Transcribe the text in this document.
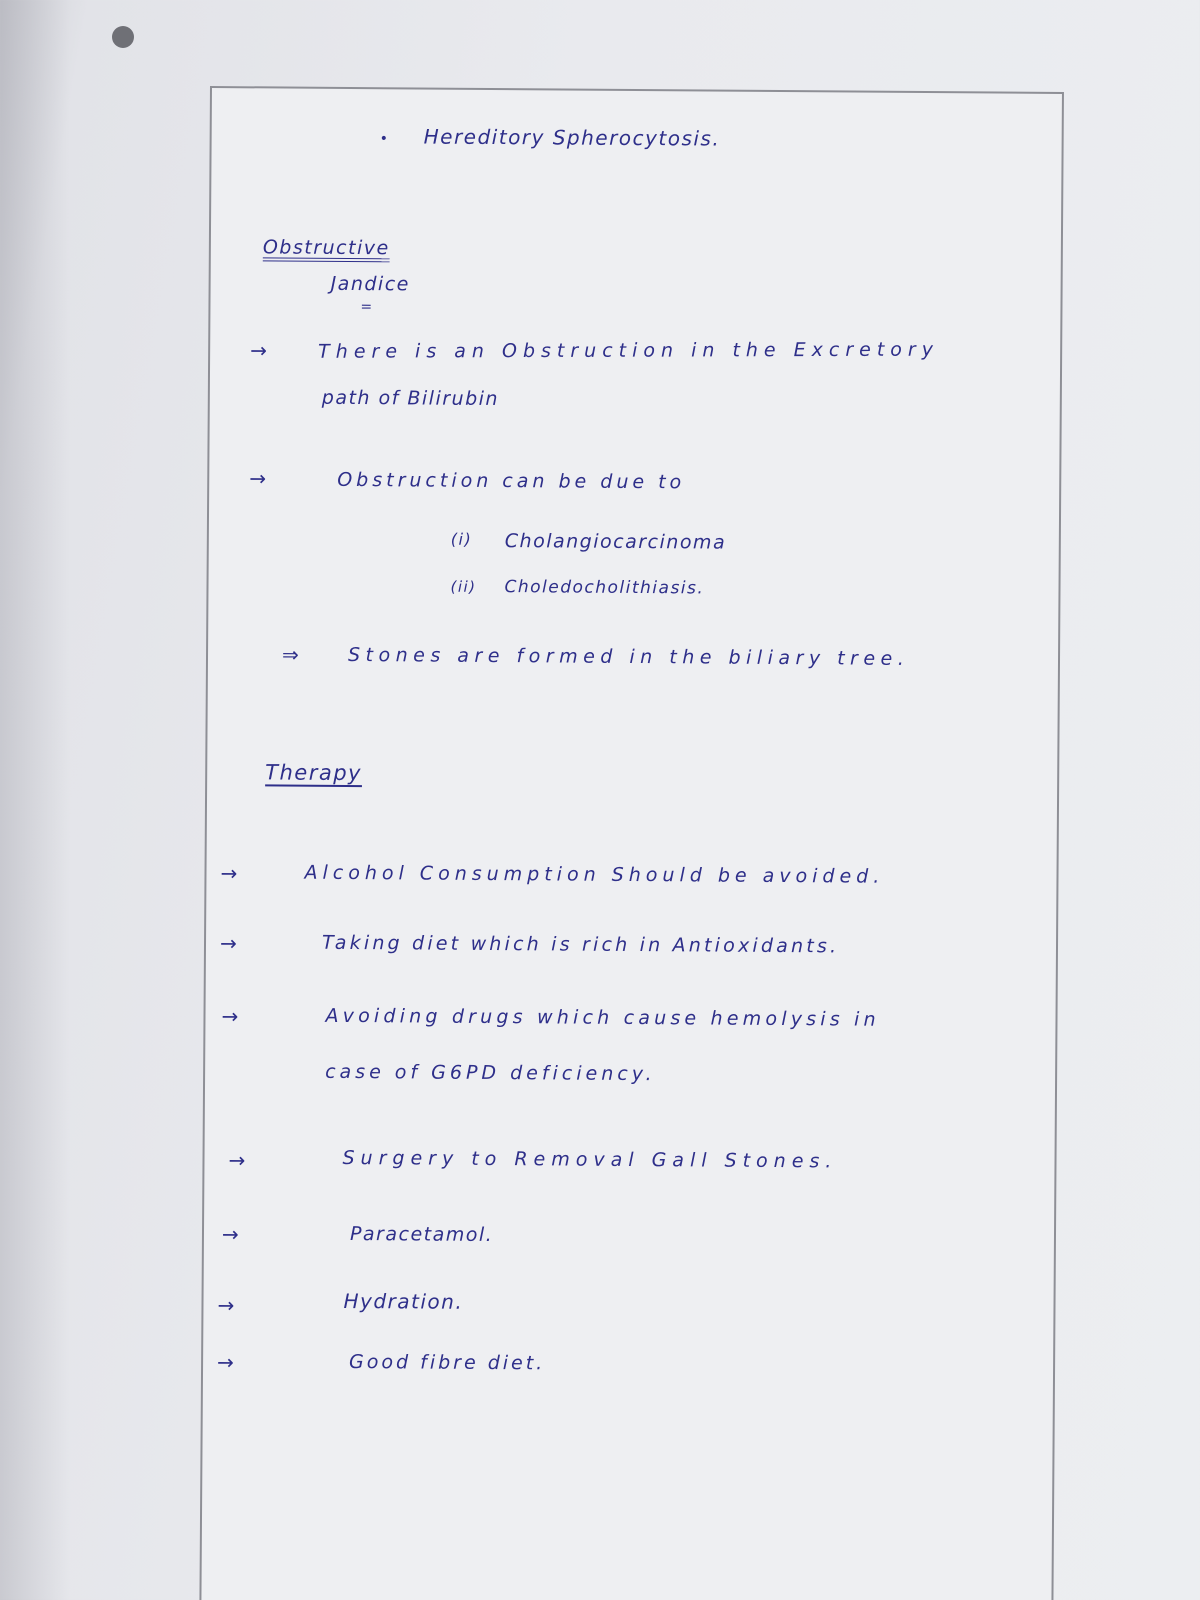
• Hereditory Spherocytosis.
Obstructive
Jandice
=
→	There is an Obstruction in the Excretory
path of Bilirubin
→	Obstruction can be due to
(i) Cholangiocarcinoma
(ii) Choledocholithiasis.
⇒	Stones are formed in the biliary tree.
Therapy
→	Alcohol Consumption Should be avoided.
→	Taking diet which is rich in Antioxidants.
→	Avoiding drugs which cause hemolysis in
case of G6PD deficiency.
→	Surgery to Removal Gall Stones.
→	Paracetamol.
→	Hydration.
→	Good fibre diet.
